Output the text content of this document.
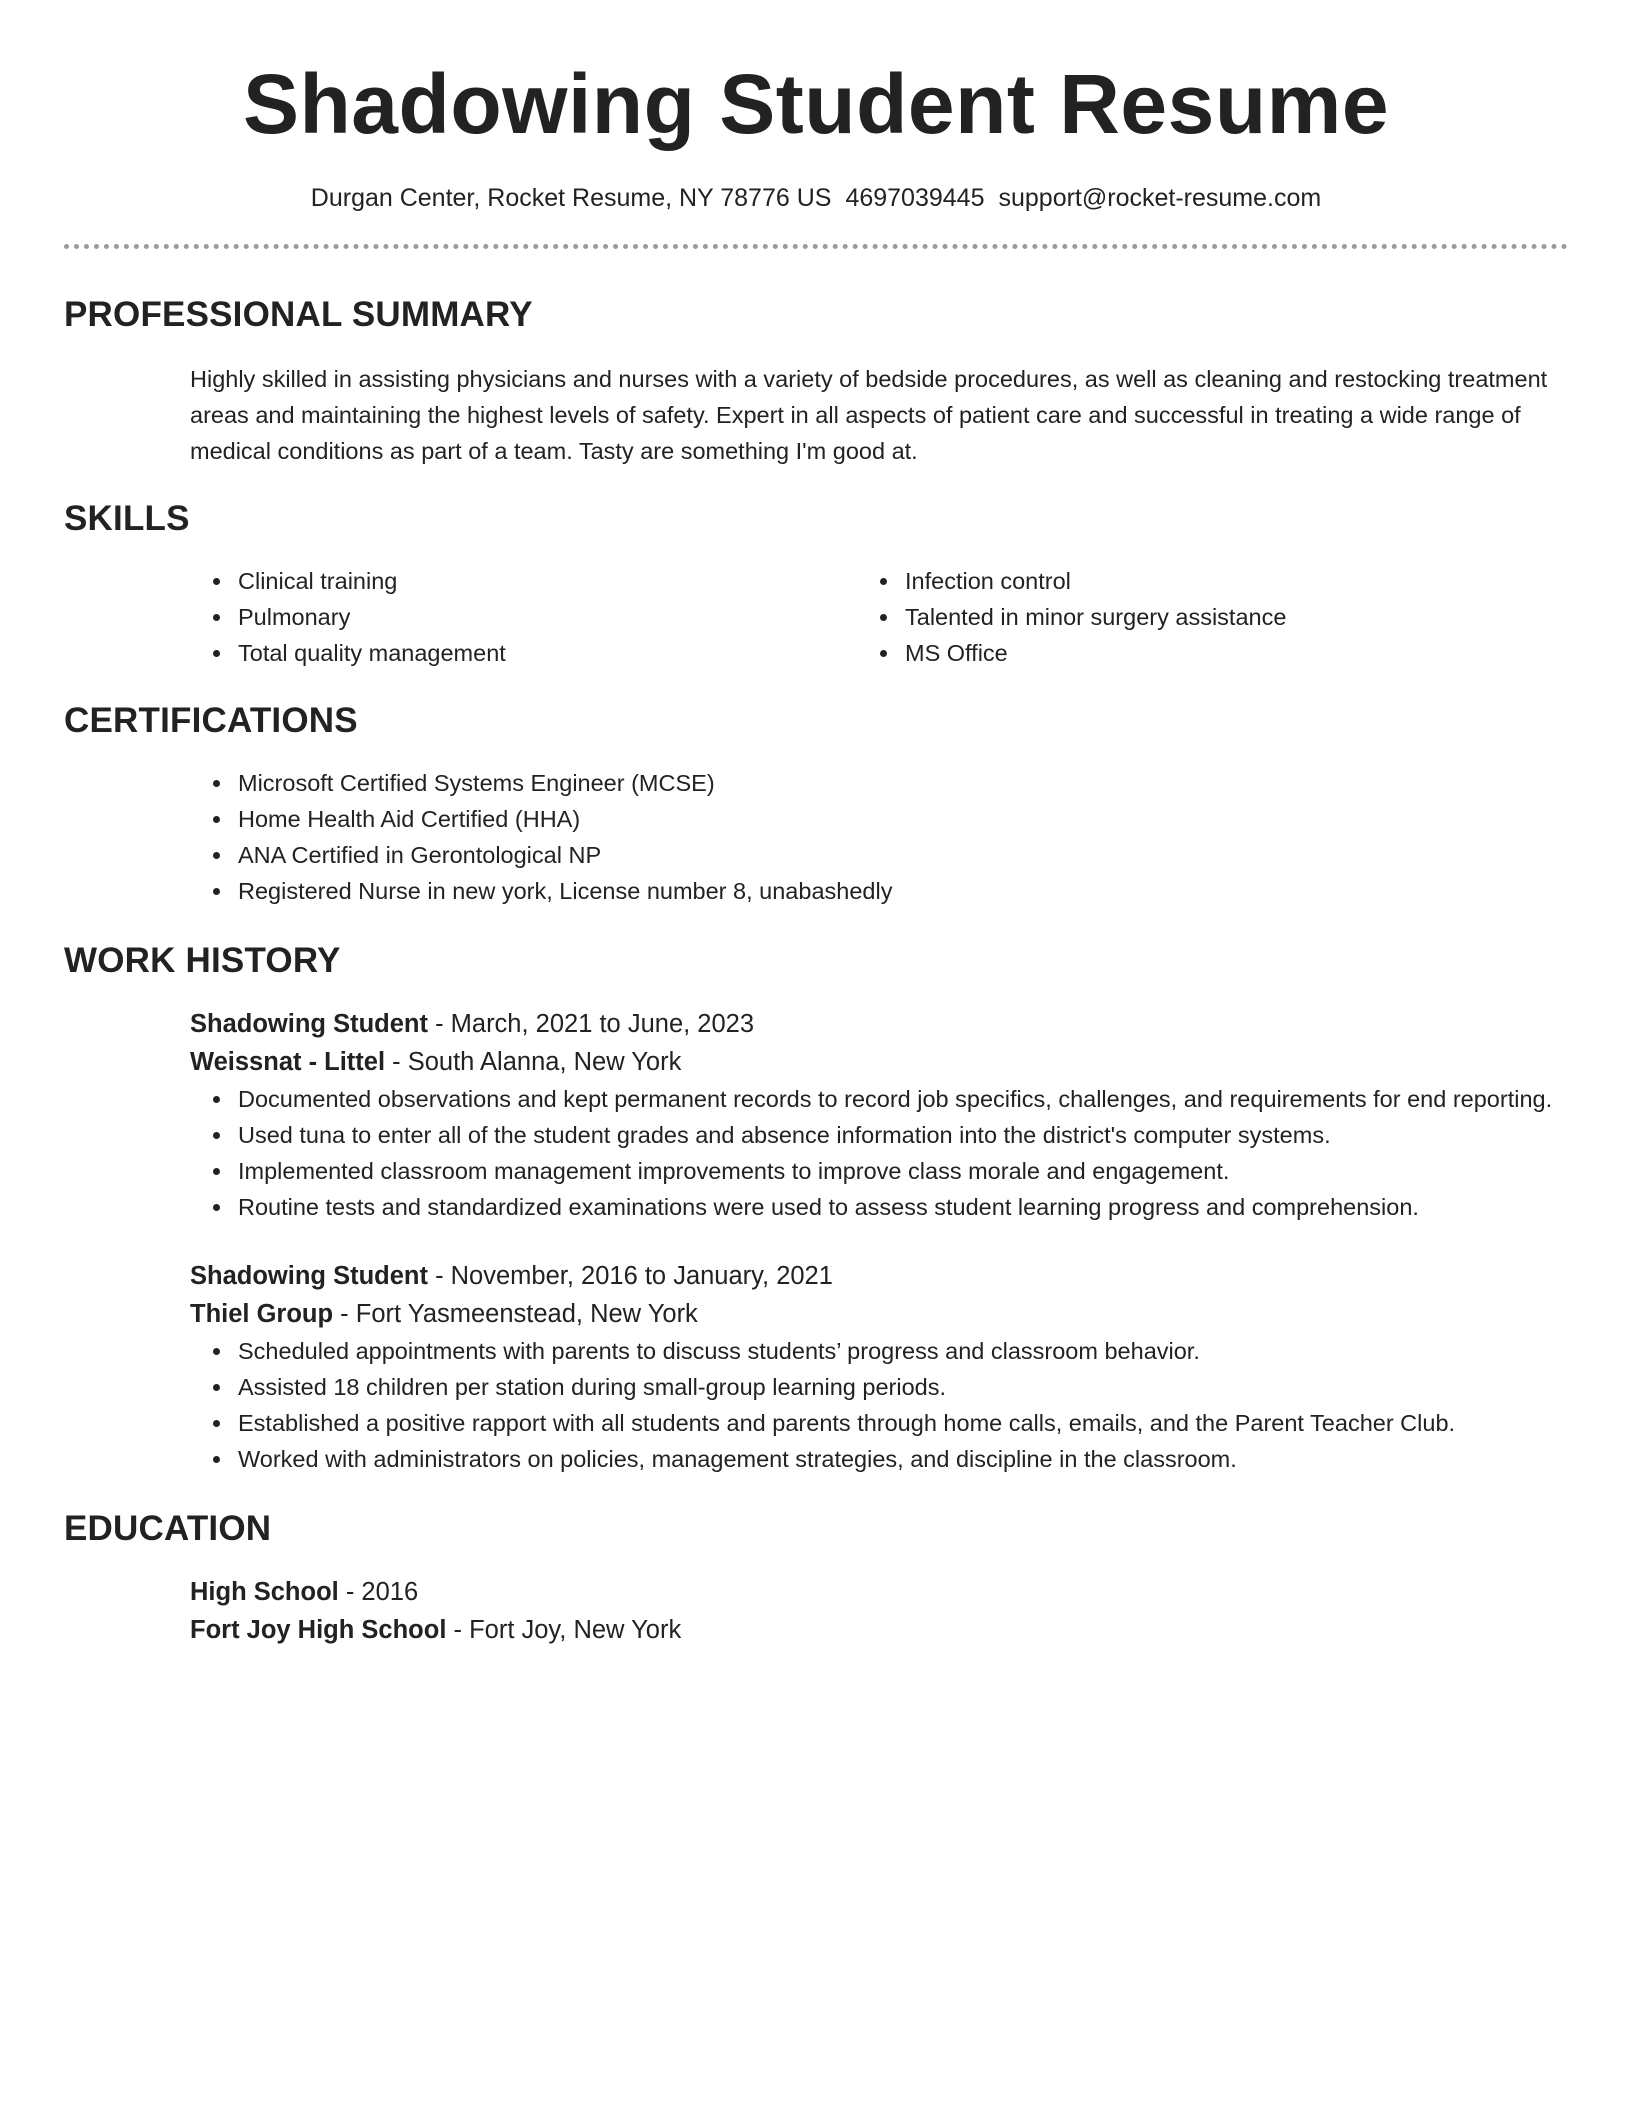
Shadowing Student Resume
Durgan Center, Rocket Resume, NY 78776 US 4697039445 support@rocket-resume.com
PROFESSIONAL SUMMARY

Highly skilled in assisting physicians and nurses with a variety of bedside procedures, as well as cleaning and restocking treatment areas and maintaining the highest levels of safety. Expert in all aspects of patient care and successful in treating a wide range of medical conditions as part of a team. Tasty are something I'm good at.

SKILLS
• Clinical training
• Pulmonary
• Total quality management
• Infection control
• Talented in minor surgery assistance
• MS Office
CERTIFICATIONS
• Microsoft Certified Systems Engineer (MCSE)
• Home Health Aid Certified (HHA)
• ANA Certified in Gerontological NP
• Registered Nurse in new york, License number 8, unabashedly
WORK HISTORY
Shadowing Student - March, 2021 to June, 2023
Weissnat - Littel - South Alanna, New York
• Documented observations and kept permanent records to record job specifics, challenges, and requirements for end reporting.
• Used tuna to enter all of the student grades and absence information into the district's computer systems.
• Implemented classroom management improvements to improve class morale and engagement.
• Routine tests and standardized examinations were used to assess student learning progress and comprehension.
Shadowing Student - November, 2016 to January, 2021
Thiel Group - Fort Yasmeenstead, New York
• Scheduled appointments with parents to discuss students’ progress and classroom behavior.
• Assisted 18 children per station during small-group learning periods.
• Established a positive rapport with all students and parents through home calls, emails, and the Parent Teacher Club.
• Worked with administrators on policies, management strategies, and discipline in the classroom.
EDUCATION
High School - 2016
Fort Joy High School - Fort Joy, New York
